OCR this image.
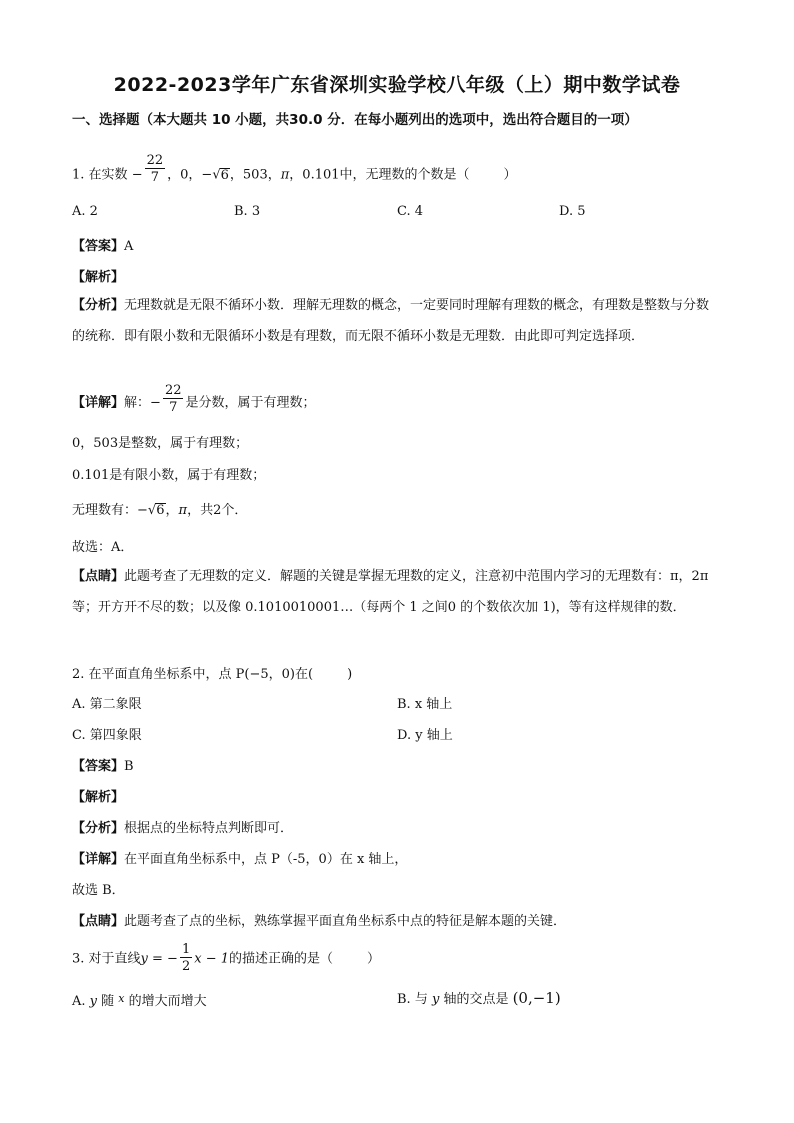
2022-2023学年广东省深圳实验学校八年级（上）期中数学试卷
一、选择题（本大题共 10 小题，共30.0 分．在每小题列出的选项中，选出符合题目的一项）
1. 在实数 − $\frac{22}{7}$ ，0，−√6，503，π，0.101中，无理数的个数是（	）
A. 2	B. 3	C. 4	D. 5
【答案】A
【解析】
【分析】无理数就是无限不循环小数．理解无理数的概念，一定要同时理解有理数的概念，有理数是整数与分数的统称．即有限小数和无限循环小数是有理数，而无限不循环小数是无理数．由此即可判定选择项．
【详解】解：− $\frac{22}{7}$ 是分数，属于有理数；
0，503是整数，属于有理数；
0.101是有限小数，属于有理数；
无理数有：−√6，π，共2个．
故选：A．
【点睛】此题考查了无理数的定义．解题的关键是掌握无理数的定义，注意初中范围内学习的无理数有：π，2π等；开方开不尽的数；以及像 0.1010010001…（每两个 1 之间0 的个数依次加 1)，等有这样规律的数．
2. 在平面直角坐标系中，点 P(−5，0)在(	)
A. 第二象限	B. x 轴上
C. 第四象限	D. y 轴上
【答案】B
【解析】
【分析】根据点的坐标特点判断即可．
【详解】在平面直角坐标系中，点 P（-5，0）在 x 轴上，
故选 B．
【点睛】此题考查了点的坐标，熟练掌握平面直角坐标系中点的特征是解本题的关键．
3. 对于直线y = − $\frac{1}{2}$ x − 1的描述正确的是（	）
A. y 随 $^x$ 的增大而增大	B. 与 y 轴的交点是 (0,−1)
